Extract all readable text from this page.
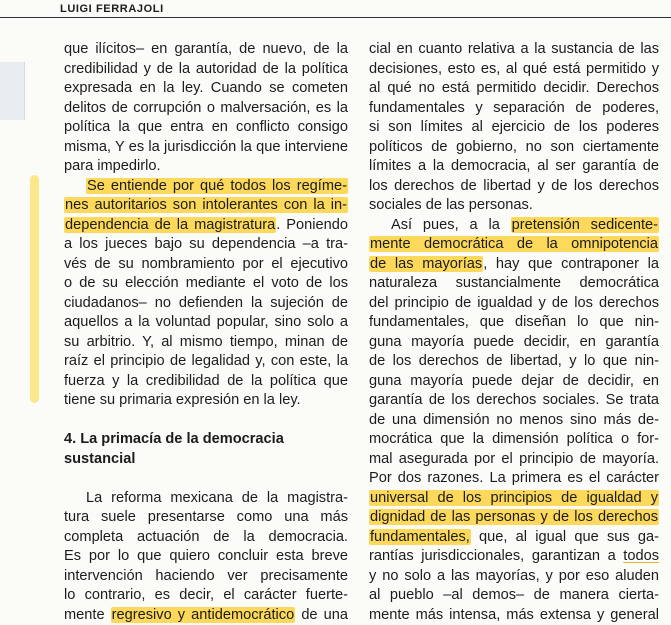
LUIGI FERRAJOLI
que ilícitos– en garantía, de nuevo, de la
credibilidad y de la autoridad de la política
expresada en la ley. Cuando se cometen
delitos de corrupción o malversación, es la
política la que entra en conflicto consigo
misma, Y es la jurisdicción la que interviene
para impedirlo.
Se entiende por qué todos los regíme-
nes autoritarios son intolerantes con la in-
dependencia de la magistratura. Poniendo
a los jueces bajo su dependencia –a tra-
vés de su nombramiento por el ejecutivo
o de su elección mediante el voto de los
ciudadanos– no defienden la sujeción de
aquellos a la voluntad popular, sino solo a
su arbitrio. Y, al mismo tiempo, minan de
raíz el principio de legalidad y, con este, la
fuerza y la credibilidad de la política que
tiene su primaria expresión en la ley.
4. La primacía de la democracia
sustancial
La reforma mexicana de la magistra-
tura suele presentarse como una más
completa actuación de la democracia.
Es por lo que quiero concluir esta breve
intervención haciendo ver precisamente
lo contrario, es decir, el carácter fuerte-
mente regresivo y antidemocrático de una
cial en cuanto relativa a la sustancia de las
decisiones, esto es, al qué está permitido y
al qué no está permitido decidir. Derechos
fundamentales y separación de poderes,
si son límites al ejercicio de los poderes
políticos de gobierno, no son ciertamente
límites a la democracia, al ser garantía de
los derechos de libertad y de los derechos
sociales de las personas.
Así pues, a la pretensión sedicente-
mente democrática de la omnipotencia
de las mayorías, hay que contraponer la
naturaleza sustancialmente democrática
del principio de igualdad y de los derechos
fundamentales, que diseñan lo que nin-
guna mayoría puede decidir, en garantía
de los derechos de libertad, y lo que nin-
guna mayoría puede dejar de decidir, en
garantía de los derechos sociales. Se trata
de una dimensión no menos sino más de-
mocrática que la dimensión política o for-
mal asegurada por el principio de mayoría.
Por dos razones. La primera es el carácter
universal de los principios de igualdad y
dignidad de las personas y de los derechos
fundamentales, que, al igual que sus ga-
rantías jurisdiccionales, garantizan a todos
y no solo a las mayorías, y por eso aluden
al pueblo –al demos– de manera cierta-
mente más intensa, más extensa y general
